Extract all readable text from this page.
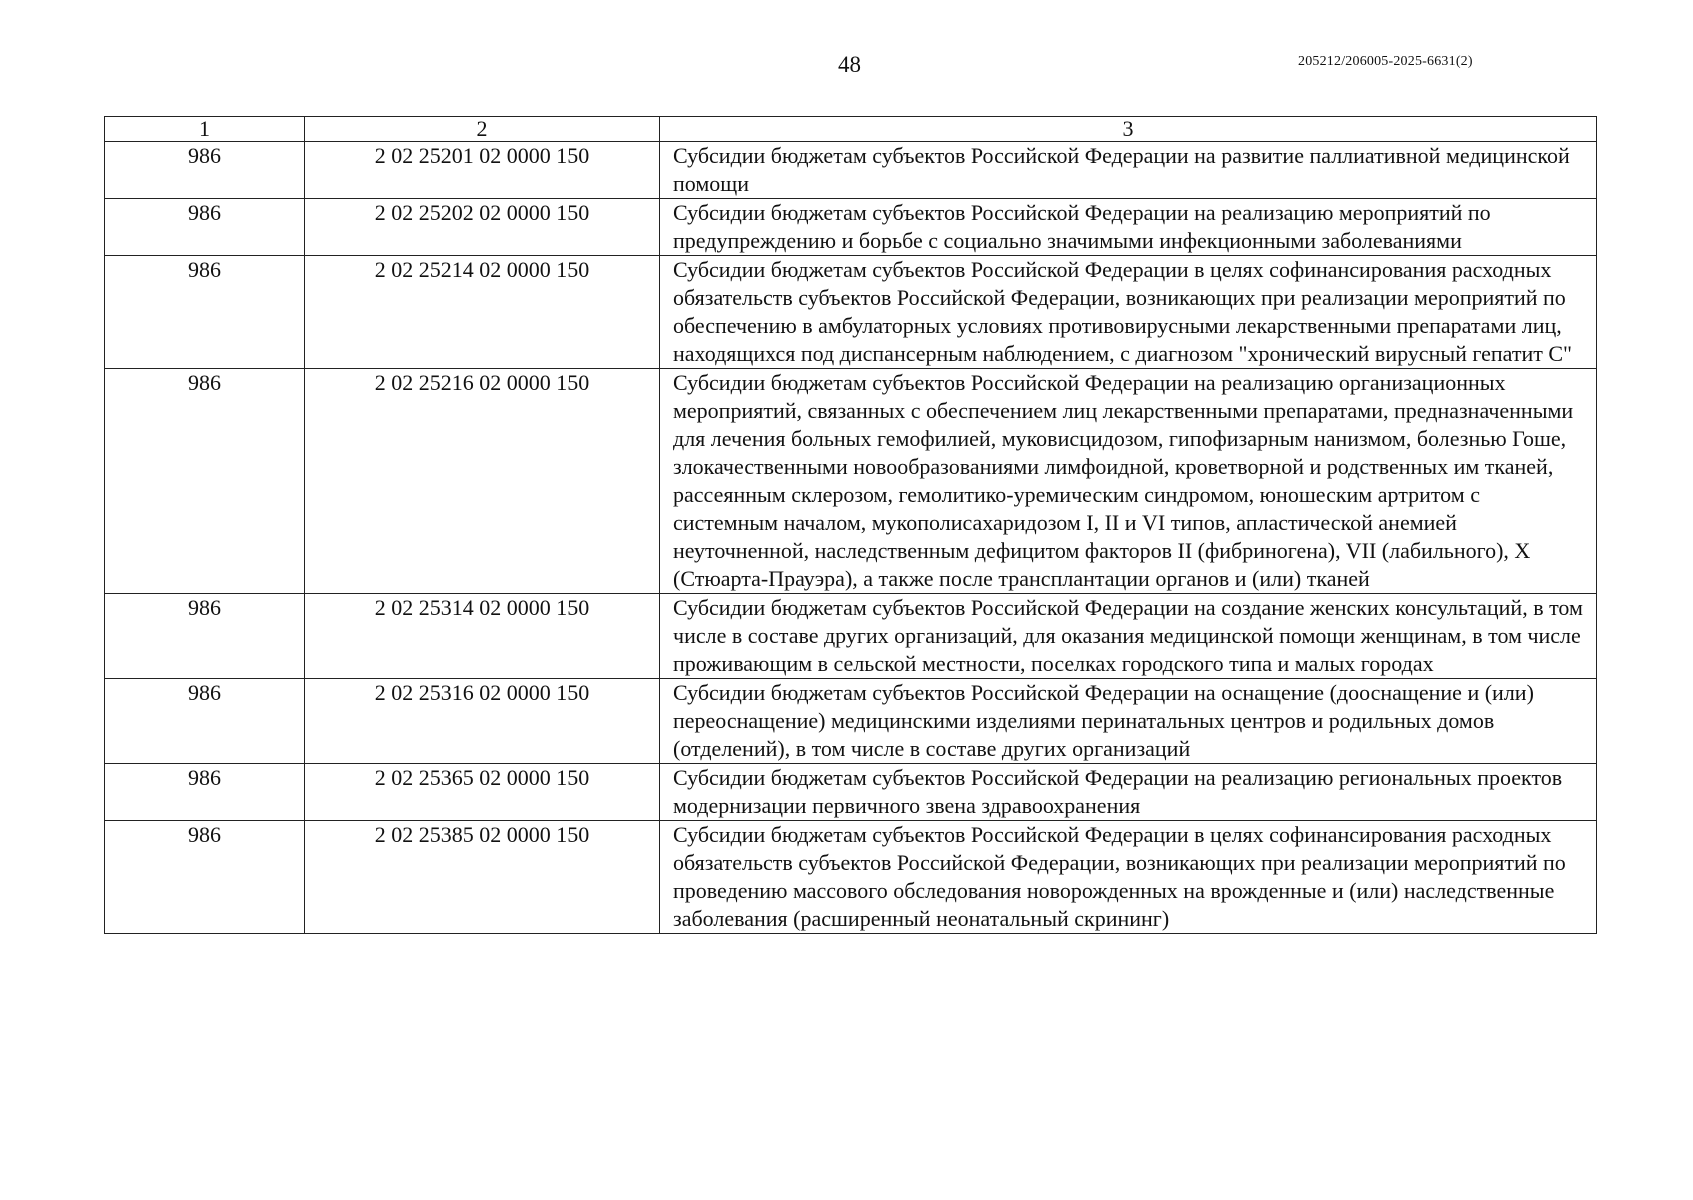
48	205212/206005-2025-6631(2)
1	2	3
986	2 02 25201 02 0000 150	Субсидии бюджетам субъектов Российской Федерации на развитие паллиативной медицинской помощи
986	2 02 25202 02 0000 150	Субсидии бюджетам субъектов Российской Федерации на реализацию мероприятий по предупреждению и борьбе с социально значимыми инфекционными заболеваниями
986	2 02 25214 02 0000 150	Субсидии бюджетам субъектов Российской Федерации в целях софинансирования расходных обязательств субъектов Российской Федерации, возникающих при реализации мероприятий по обеспечению в амбулаторных условиях противовирусными лекарственными препаратами лиц, находящихся под диспансерным наблюдением, с диагнозом "хронический вирусный гепатит C"
986	2 02 25216 02 0000 150	Субсидии бюджетам субъектов Российской Федерации на реализацию организационных мероприятий, связанных с обеспечением лиц лекарственными препаратами, предназначенными для лечения больных гемофилией, муковисцидозом, гипофизарным нанизмом, болезнью Гоше, злокачественными новообразованиями лимфоидной, кроветворной и родственных им тканей, рассеянным склерозом, гемолитико-уремическим синдромом, юношеским артритом с системным началом, мукополисахаридозом I, II и VI типов, апластической анемией неуточненной, наследственным дефицитом факторов II (фибриногена), VII (лабильного), X (Стюарта-Прауэра), а также после трансплантации органов и (или) тканей
986	2 02 25314 02 0000 150	Субсидии бюджетам субъектов Российской Федерации на создание женских консультаций, в том числе в составе других организаций, для оказания медицинской помощи женщинам, в том числе проживающим в сельской местности, поселках городского типа и малых городах
986	2 02 25316 02 0000 150	Субсидии бюджетам субъектов Российской Федерации на оснащение (дооснащение и (или) переоснащение) медицинскими изделиями перинатальных центров и родильных домов (отделений), в том числе в составе других организаций
986	2 02 25365 02 0000 150	Субсидии бюджетам субъектов Российской Федерации на реализацию региональных проектов модернизации первичного звена здравоохранения
986	2 02 25385 02 0000 150	Субсидии бюджетам субъектов Российской Федерации в целях софинансирования расходных обязательств субъектов Российской Федерации, возникающих при реализации мероприятий по проведению массового обследования новорожденных на врожденные и (или) наследственные заболевания (расширенный неонатальный скрининг)
